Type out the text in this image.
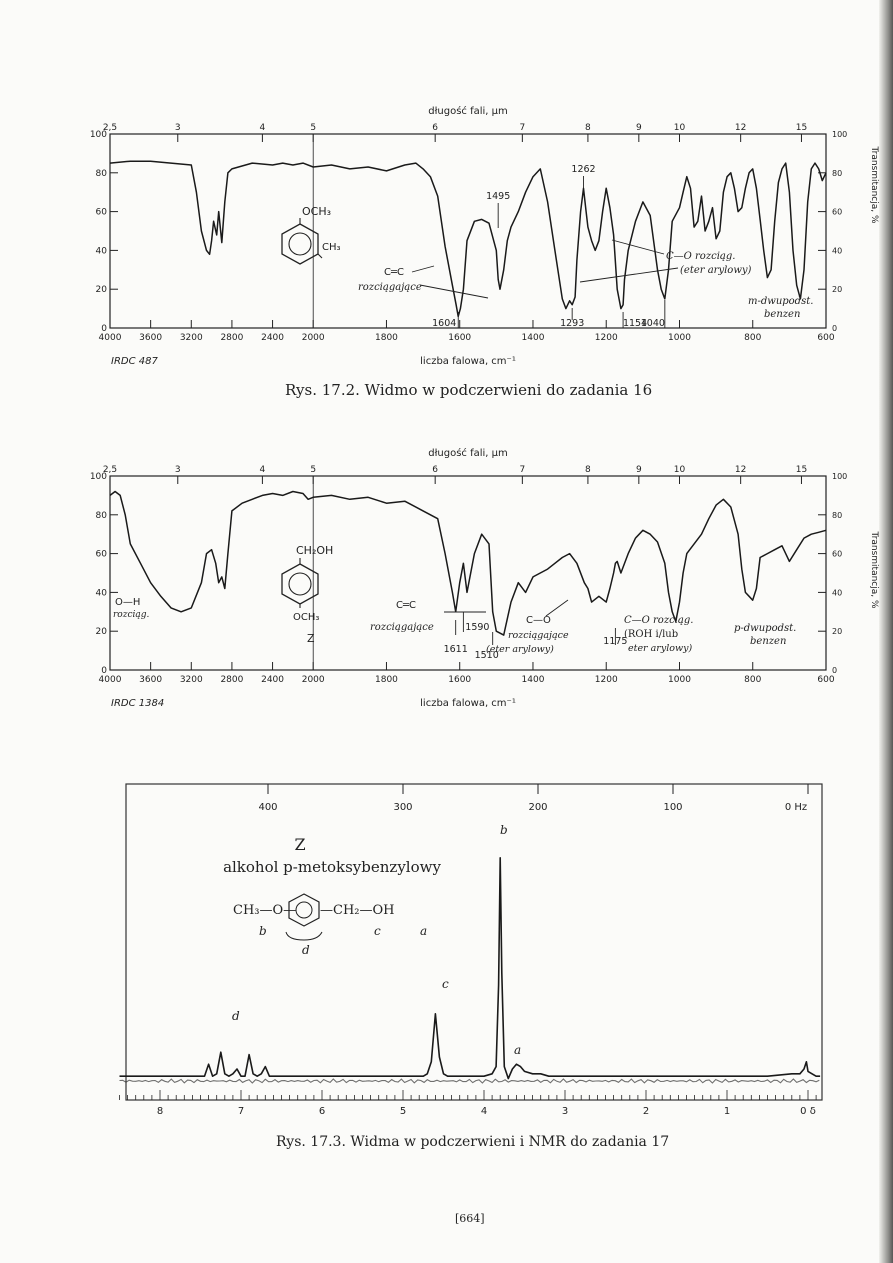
długość fali, µm
4000 3600 3200 2800 2400 2000	1800	1600	1400	1200	1000	800	600
2,5	3	4	5	6	7	8	9	10	12	15
0
20
40
60
80
100
0
20
40
60
80
100
1262
1495
1604	1293	1154
1040
liczba falowa, cm⁻¹
IRDC 487
Transmitancja, %
OCH₃
CH₃
C═C
rozciągające
C—O rozciąg.
(eter arylowy)
m-dwupodst.
benzen
Rys. 17.2. Widmo w podczerwieni do zadania 16
długość fali, µm
4000 3600 3200 2800 2400 2000	1800	1600	1400	1200	1000	800	600
2,5	3	4	5	6	7	8	9	10	12	15
0
20
40
60
80
100
0
20
40
60
80
100
1611
1590
1510
1175
liczba falowa, cm⁻¹
IRDC 1384
Transmitancja, %
CH₂OH
OCH₃
Z
O—H
rozciąg.
C═C
rozciągające
C—O
rozciągające
(eter arylowy)
C—O rozciąg.
(ROH i/lub
eter arylowy)
p-dwupodst.
benzen
400	300	200	100	0 Hz
8	7	6	5	4	3	2	1	0 δ
Z
alkohol p-metoksybenzylowy
CH₃—O— —CH₂—OH
b	c	a
d
b
c
a
d
Rys. 17.3. Widma w podczerwieni i NMR do zadania 17
[664]
